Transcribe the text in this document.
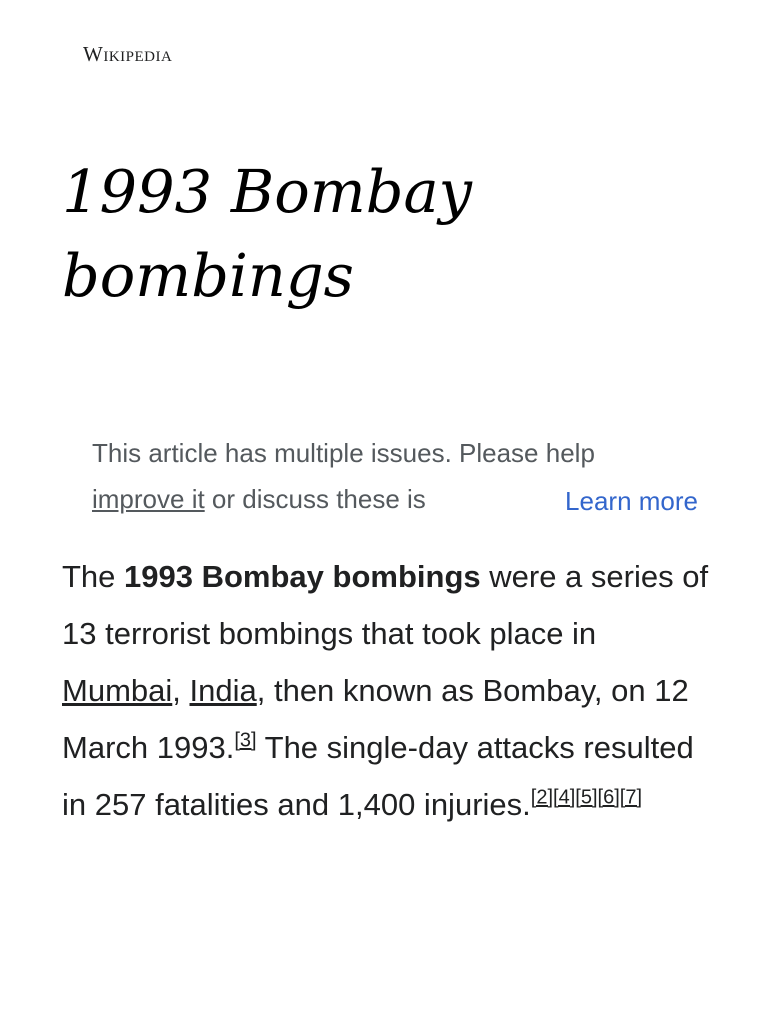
Wikipedia
1993 Bombay
bombings
This article has multiple issues. Please help
improve it or discuss these is	Learn more

The 1993 Bombay bombings were a series of 13 terrorist bombings that took place in Mumbai, India, then known as Bombay, on 12 March 1993.[3] The single-day attacks resulted in 257 fatalities and 1,400 injuries.[2][4][5][6][7]
